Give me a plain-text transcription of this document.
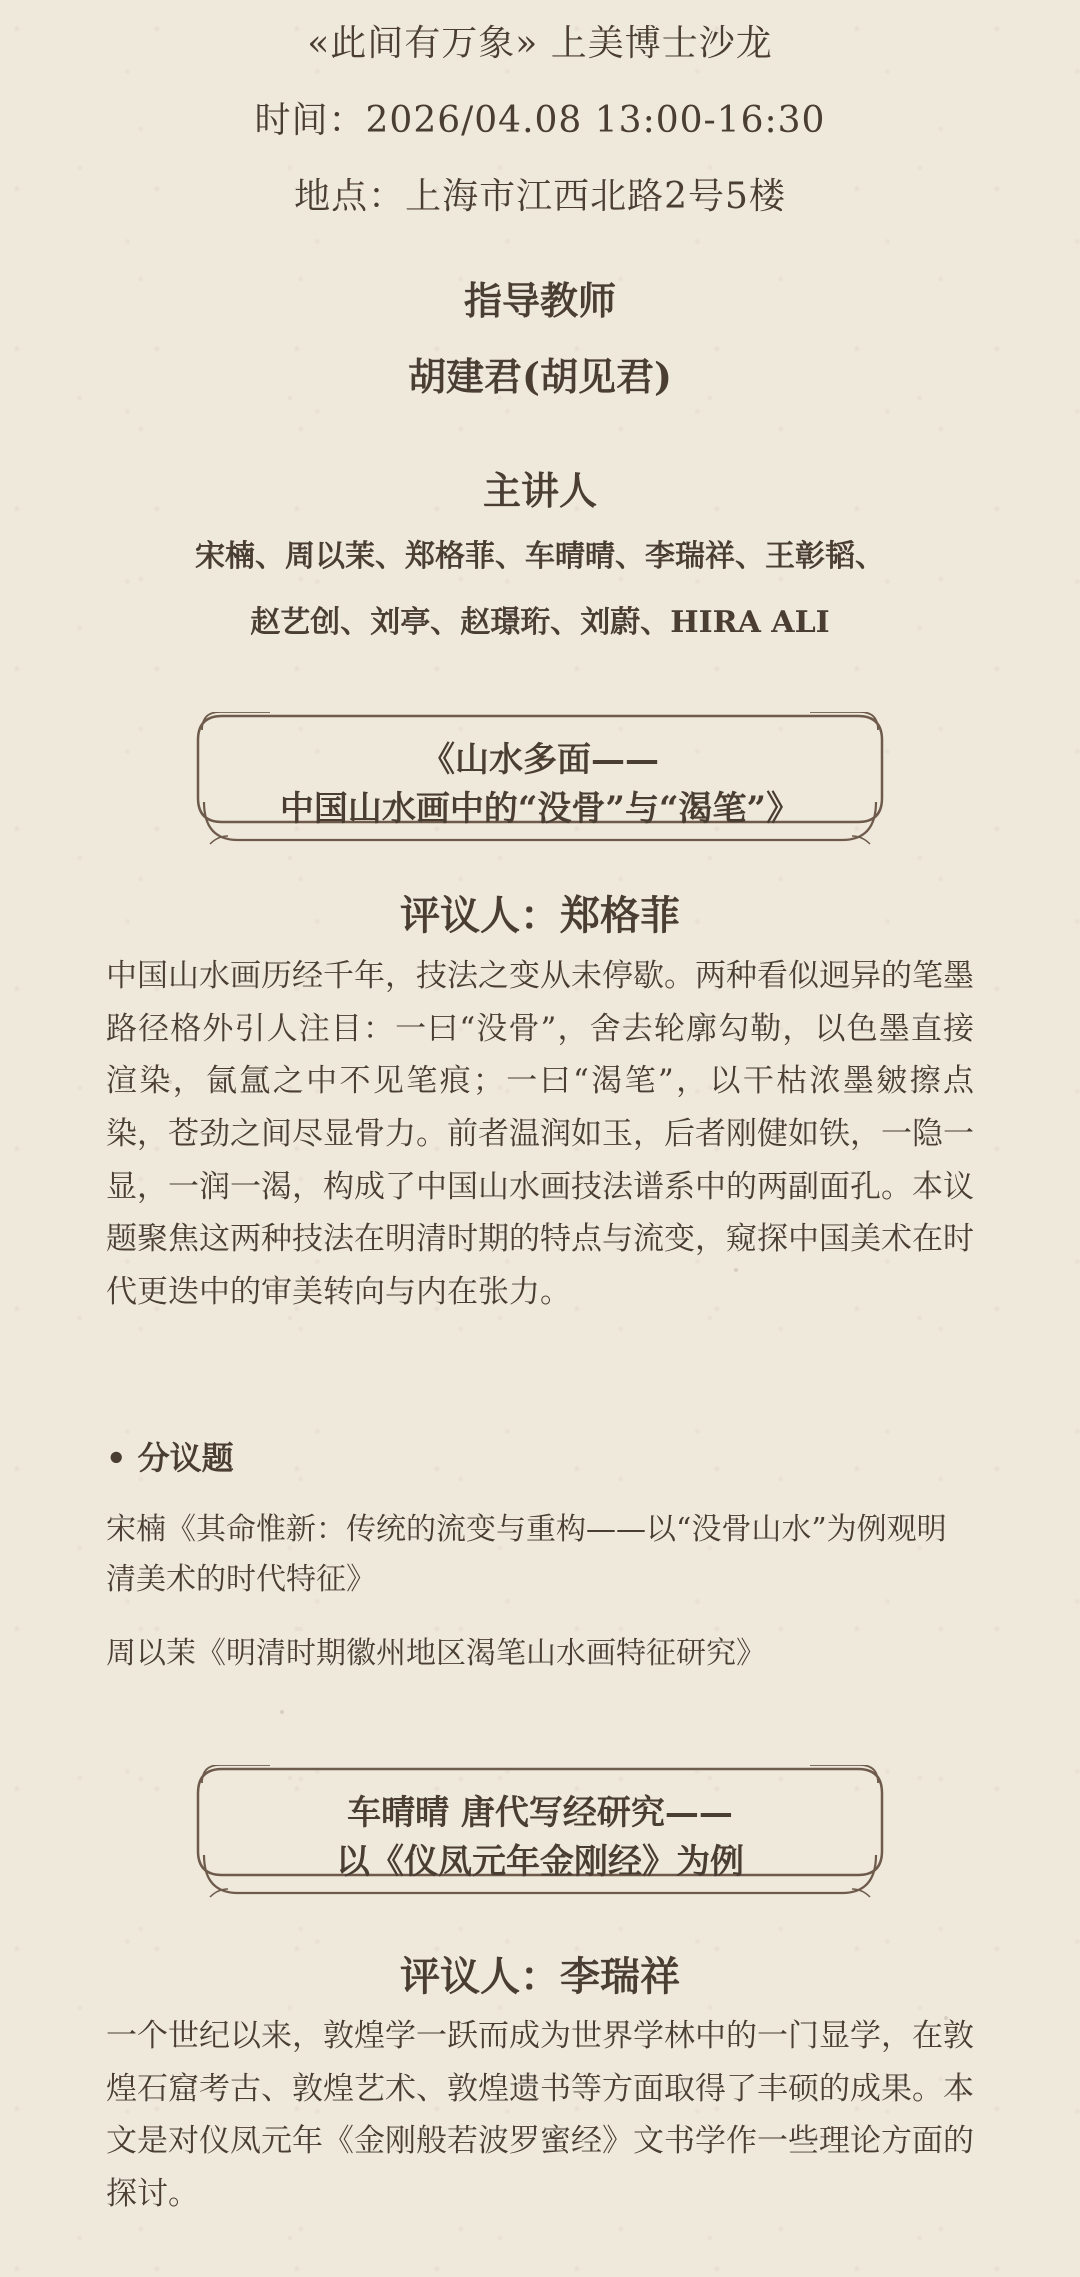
«此间有万象» 上美博士沙龙
时间：2026/04.08 13:00-16:30
地点：上海市江西北路2号5楼
指导教师
胡建君(胡见君)
主讲人
宋楠、周以茉、郑格菲、车晴晴、李瑞祥、王彰韬、
赵艺创、刘亭、赵璟珩、刘蔚、HIRA ALI
《山水多面——
中国山水画中的“没骨”与“渴笔”》
评议人：郑格菲
中国山水画历经千年，技法之变从未停歇。两种看似迥异的笔墨路径格外引人注目：一曰“没骨”，舍去轮廓勾勒，以色墨直接渲染，氤氲之中不见笔痕；一曰“渴笔”，以干枯浓墨皴擦点染，苍劲之间尽显骨力。前者温润如玉，后者刚健如铁，一隐一显，一润一渴，构成了中国山水画技法谱系中的两副面孔。本议题聚焦这两种技法在明清时期的特点与流变，窥探中国美术在时代更迭中的审美转向与内在张力。
• 分议题
宋楠《其命惟新：传统的流变与重构——以“没骨山水”为例观明清美术的时代特征》
周以茉《明清时期徽州地区渴笔山水画特征研究》
车晴晴 唐代写经研究——
以《仪凤元年金刚经》为例
评议人：李瑞祥
一个世纪以来，敦煌学一跃而成为世界学林中的一门显学，在敦煌石窟考古、敦煌艺术、敦煌遗书等方面取得了丰硕的成果。本文是对仪凤元年《金刚般若波罗蜜经》文书学作一些理论方面的探讨。
